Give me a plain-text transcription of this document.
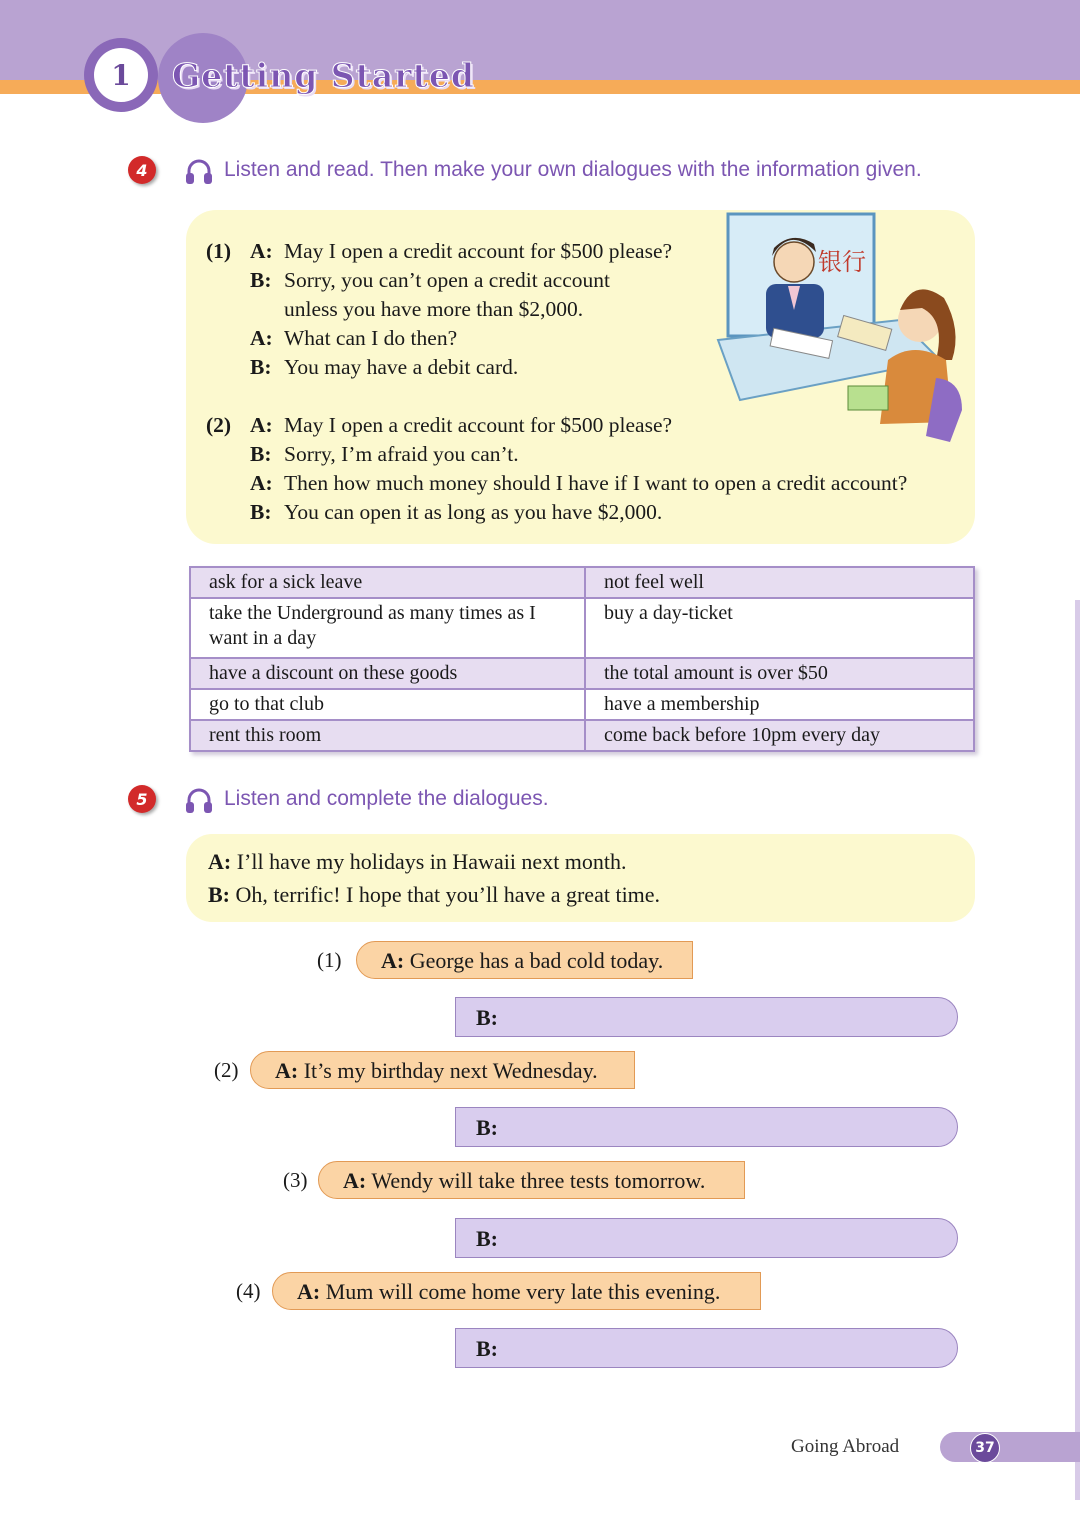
1	Getting Started
4	Listen and read. Then make your own dialogues with the information given.
银行
(1) A: May I open a credit account for $500 please?
B: Sorry, you can’t open a credit account
unless you have more than $2,000.
A: What can I do then?
B: You may have a debit card.
(2) A: May I open a credit account for $500 please?
B: Sorry, I’m afraid you can’t.
A: Then how much money should I have if I want to open a credit account?
B: You can open it as long as you have $2,000.
ask for a sick leave	not feel well
take the Underground as many times as I want in a day	buy a day-ticket
have a discount on these goods	the total amount is over $50
go to that club	have a membership
rent this room	come back before 10pm every day
5	Listen and complete the dialogues.
A: I’ll have my holidays in Hawaii next month.
B: Oh, terrific! I hope that you’ll have a great time.
(1)	A: George has a bad cold today.
B:
(2)	A: It’s my birthday next Wednesday.
B:
(3)	A: Wendy will take three tests tomorrow.
B:
(4)	A: Mum will come home very late this evening.
B:
Going Abroad	37
